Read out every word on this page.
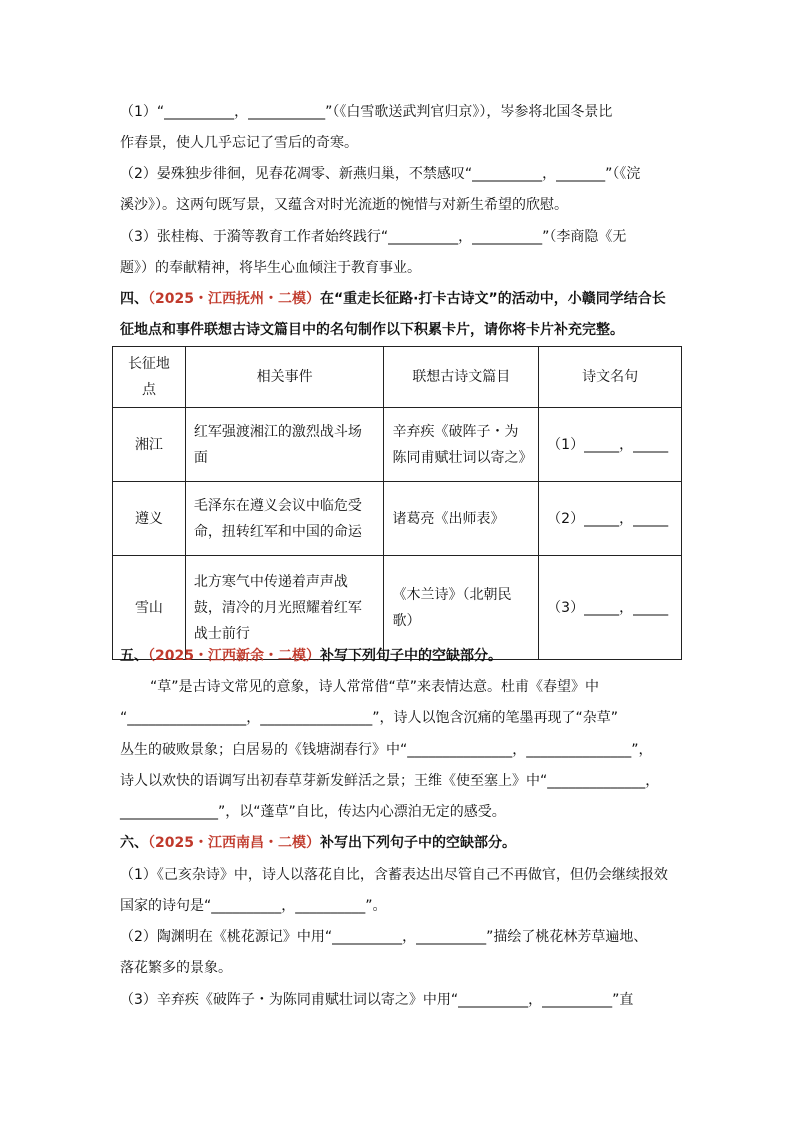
（1）“__________，___________”（《白雪歌送武判官归京》），岑参将北国冬景比
作春景，使人几乎忘记了雪后的奇寒。
（2）晏殊独步徘徊，见春花凋零、新燕归巢，不禁感叹“__________，_______”（《浣
溪沙》）。这两句既写景，又蕴含对时光流逝的惋惜与对新生希望的欣慰。
（3）张桂梅、于漪等教育工作者始终践行“__________，__________”（李商隐《无
题》）的奉献精神，将毕生心血倾注于教育事业。
四、（2025・江西抚州・二模）在“重走长征路·打卡古诗文”的活动中，小赣同学结合长
征地点和事件联想古诗文篇目中的名句制作以下积累卡片，请你将卡片补充完整。
长征地点	相关事件	联想古诗文篇目	诗文名句
湘江	红军强渡湘江的激烈战斗场面	辛弃疾《破阵子・为陈同甫赋壮词以寄之》	（1）_____，_____
遵义	毛泽东在遵义会议中临危受命，扭转红军和中国的命运	诸葛亮《出师表》	（2）_____，_____
雪山	北方寒气中传递着声声战鼓，清冷的月光照耀着红军战士前行	《木兰诗》（北朝民歌）	（3）_____，_____
五、（2025・江西新余・二模）补写下列句子中的空缺部分。
“草”是古诗文常见的意象，诗人常常借“草”来表情达意。杜甫《春望》中
“_________________，________________”，诗人以饱含沉痛的笔墨再现了“杂草”
丛生的破败景象；白居易的《钱塘湖春行》中“_______________，_______________”，
诗人以欢快的语调写出初春草芽新发鲜活之景；王维《使至塞上》中“______________，
______________”，以“蓬草”自比，传达内心漂泊无定的感受。
六、（2025・江西南昌・二模）补写出下列句子中的空缺部分。
（1）《己亥杂诗》中，诗人以落花自比，含蓄表达出尽管自己不再做官，但仍会继续报效
国家的诗句是“__________，__________”。
（2）陶渊明在《桃花源记》中用“__________，__________”描绘了桃花林芳草遍地、
落花繁多的景象。
（3）辛弃疾《破阵子・为陈同甫赋壮词以寄之》中用“__________，__________”直
